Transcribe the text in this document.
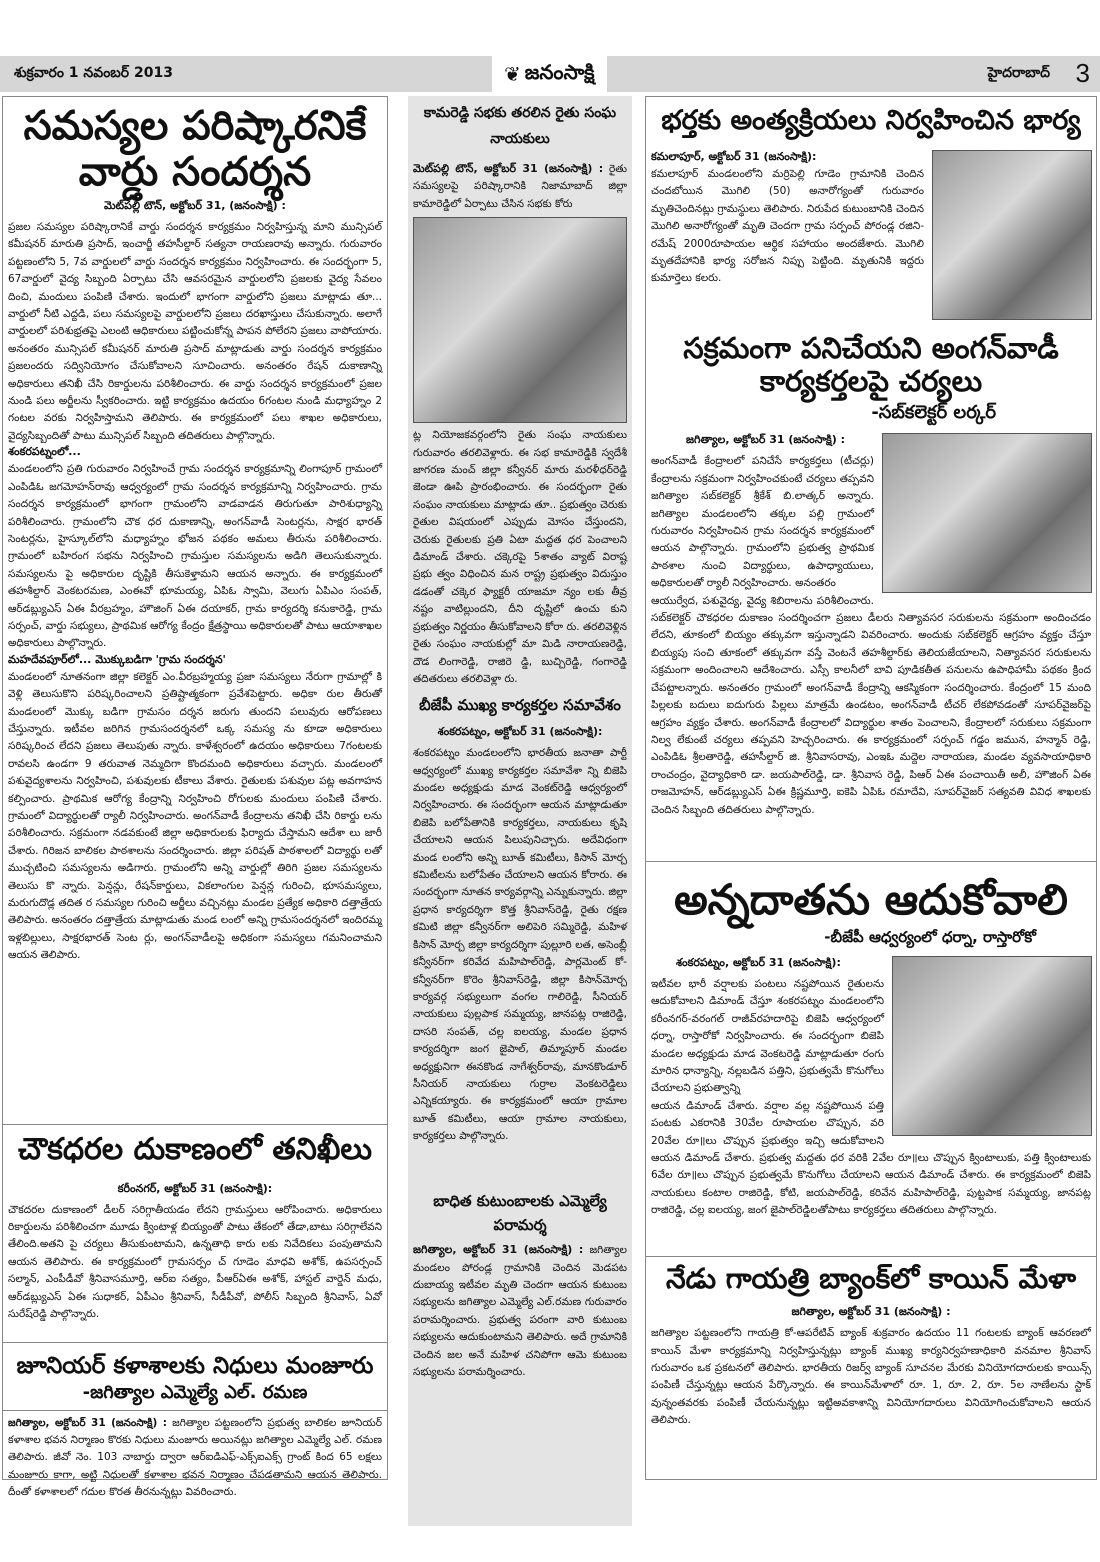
శుక్రవారం 1 నవంబర్ 2013	❦ జనంసాక్షి	హైదరాబాద్ 3
సమస్యల పరిష్కారనికే
వార్డు సందర్శన
మెట్‌పల్లి టౌన్, అక్టోబర్ 31, (జనంసాక్షి) :

ప్రజల సమస్యల పరిష్కారానికే వార్డు సందర్శన కార్యక్రమం నిర్వహిస్తున్న మాని మున్సిపల్ కమీషనర్ మారుతి ప్రసాద్, ఇంచార్జీ తహసీల్దార్ సత్యనా రాయణరావు అన్నారు. గురువారం పట్టణంలోని 5, 7వ వార్డులలో వార్డు సందర్శన కార్యక్రమం నిర్వహించారు. ఈ సందర్భంగా 5, 67వార్డులో వైద్య సిబ్బంది ఏర్పాటు చేసి ఆవసరమైన వార్డులలోని ప్రజలకు వైద్య సేవలం దించి, మందులు పంపిణి చేశారు. ఇందులో భాగంగా వార్డులోని ప్రజలు మాట్లాడు తూ... వార్డులో నీటి ఎద్దడి, పలు సమస్యలపై వార్డులలోని ప్రజలు దరఖాస్తులు చేసుకున్నారు. అలాగే వార్డులలో పరిశుభ్రతపై ఎలంటి ఆధికారులు పట్టించుకోన్న పాపన పోలేరని ప్రజలు వాపోయారు. అనంతరం మున్సిపల్ కమీషనర్ మారుతి ప్రసాద్ మాట్లాడుతు వార్డు సందర్శన కార్యక్రమం ప్రజలందరు సద్వినియోగం చేసుకోవాలని సూచించారు. అనంతరం రేషన్ దుకాణాన్ని అధికారులు తనిఖీ చేసి రికార్డులను పరిశీలించారు. ఈ వార్డు సందర్శన కార్యక్రమంలో ప్రజల నుండి పలు అర్జీలను స్వీకరించారు. ఇట్టి కార్యక్రమం ఉదయం 6గంటల నుండి మధ్యాహ్నం 2 గంటల వరకు నిర్వహిస్తామని తెలిపారు. ఈ కార్యక్రమంలో పలు శాఖల అధికారులు, వైద్యసిబ్బందితో పాటు మున్సిపల్ సిబ్బంది తదితరులు పాల్గొన్నారు.

శంకరపట్నంలో...

మండలంలోని ప్రతి గురువారం నిర్వహించే గ్రామ సందర్శన కార్యక్రమాన్ని లింగాపూర్ గ్రామంలో ఎంపిడిఓ జగమోహన్‌రావు ఆధ్వర్యంలో గ్రామ సందర్శన కార్యక్రమాన్ని నిర్వహించారు. గ్రామ సందర్శన కార్యక్రమంలో భాగంగా గ్రామంలోని వాడవాడన తిరుగుతూ పారిశుధ్యాన్ని పరిశీలించారు. గ్రామంలోని చౌక ధర దుకాణాన్ని, అంగన్‌వాడీ సెంటర్లను, సాక్షర భారత్ సెంటర్లను, హైస్కూల్‌లోని మధ్యాహ్నం భోజన పథకం అమలు తీరును పరిశీలించారు. గ్రామంలో బహిరంగ సభను నిర్వహించి గ్రామస్తుల సమస్యలను అడిగి తెలుసుకున్నారు. సమస్యలను పై అధికారుల దృష్టికి తీసుకెళ్తామని ఆయన అన్నారు. ఈ కార్యక్రమంలో తహశీల్దార్ వెంకటరమణ, ఎంఈవో భూమయ్య, ఏపిఓ స్వామి, వెలుగు ఏపిఎం సంపత్, ఆర్‌డబ్ల్యుఎస్ ఏఈ వీరబ్రహ్మం, హౌజింగ్ ఏఈ దయాకర్, గ్రామ కార్యదర్శి కనుకారెడ్డి, గ్రామ సర్పంచ్, వార్డు సభ్యులు, ప్రాథమిక ఆరోగ్య కేంద్రం క్షేత్రస్థాయి అధికారులతో పాటు ఆయాశాఖల అధికారులు పాల్గొన్నారు.

మహదేవపూర్‌లో... మొక్కుబడిగా 'గ్రామ సందర్శన'

మండలంలో నూతనంగా జిల్లా కలెక్టర్ ఎం.వీరబ్రహ్మయ్య ప్రజా సమస్యలు నేరుగా గ్రామాల్లో కి వెళ్లి తెలుసుకొని పరిష్కరించాలని ప్రతిష్టాత్మకంగా ప్రవేశపెట్టారు. అధికా రుల తీరుతో మండలంలో మొక్కు బడిగా గ్రామసం దర్శన జరుగు తుందని పలువురు ఆరోపణలు చేస్తున్నారు. ఇటీవల జరిగిన గ్రామసందర్శనలో ఒక్క సమస్య ను కూడా అధికారులు సరిష్కరించ లేదని ప్రజలు తెలుపుతు న్నారు. కాళేశ్వరంలో ఉదయం అధికారులు 7గంటలకు రావలసి ఉండగా 9 తరువాత నెమ్మదిగా కొందమంది అధికారులు వచ్చారు. మండలంలో పశువైద్యశాలను నిర్వహించి, పశువులకు టీకాలు వేశారు. రైతులకు పశువుల పట్ల అవగాహన కల్పించారు. ప్రాథమిక ఆరోగ్య కేంద్రాన్ని నిర్వహించి రోగులకు మందులు పంపిణి చేశారు. గ్రామంలో విద్యార్థులతో ర్యాలీ నిర్వహించారు. అంగన్‌వాడీ కేంద్రాలను తనిఖీ చేసి రికార్డు లను పరిశీలించారు. సక్రమంగా నడవకుంటే జిల్లా అధికారులకు ఫిర్యాదు చేస్తామని ఆదేశా లు జారీ చేశారు. గిరిజన బాలికల పాఠశాలను సందర్శించారు. జిల్లా పరిషత్ పాఠశాలలో విద్యార్థు లతో ముచ్చటించి సమస్యలను అడిగారు. గ్రామంలోని అన్ని వార్డుల్లో తిరిగి ప్రజల సమస్యలను తెలుసు కొ న్నారు. పెన్షన్లు, రేషన్‌కార్డులు, వికలాంగుల పెన్షన్ల గురించి, భూసమస్యలు, మరుగుదొడ్ల తదిత ర సమస్యల గురించి అర్జీలు వచ్చినట్లు మండల ప్రత్యేక అధికారి దత్తాత్రేయ తెలిపారు. అనంతరం దత్తాత్రేయ మాట్లాడుతు మండ లంలో అన్ని గ్రామసందర్శనలో ఇందిరమ్మ ఇళ్లబిల్లులు, సాక్షరభారత్ సెంట ర్లు, అంగన్‌వాడీలపై అధికంగా సమస్యలు గమనించామని ఆయన తెలిపారు.

చౌకధరల దుకాణంలో తనిఖీలు
కరీంనగర్, అక్టోబర్ 31 (జనంసాక్షి):

చౌకదరల దుకాణంలో డీలర్ సరిగ్గాతీయడం లేదని గ్రామస్తులు ఆరోపించారు. అధికారులు రికార్డులను పరిశీలించగా మూడు క్వింటాళ్ల బియ్యంతో పాటు తేకంలో తేడా,బాటు సరిగ్గాలేవని తేలింది.అతని పై చర్యలు తీసుకుంటామని, ఉన్నతాధి కారు లకు నివేదికలు పంపుతామని ఆయన తెలిపారు. ఈ కార్యక్రమంలో గ్రామసర్పం చ్ గూడెం మాధవి అశోక్, ఉపసర్పంచ్ సల్మాన్, ఎంపీడీవో శ్రీనివాసమూర్తి, ఆర్ఐ సత్యం, పీఆర్ఏఈ అశోక్, హాస్టల్ వార్డెన్ మధు, ఆర్‌డబ్ల్యుఎస్ ఏఈ సుధాకర్, ఏపీఎం శ్రీనివాస్, సీడీపీవో, పోలీస్ సిబ్బంది శ్రీనివాస్, ఏవో సురేష్‌రెడ్డి పాల్గొన్నారు.

జూనియర్ కళాశాలకు నిధులు మంజూరు
-జగిత్యాల ఎమ్మెల్యే ఎల్. రమణ

జగిత్యాల, అక్టోబర్ 31 (జనంసాక్షి) : జగిత్యాల పట్టణంలోని ప్రభుత్వ బాలికల జూనియర్ కళాశాల భవన నిర్మాణం కొరకు నిధులు మంజూరు అయినట్లు జగిత్యాల ఎమ్మెల్యే ఎల్. రమణ తెలిపారు. జీవో నెం. 103 నాబార్డు ద్వారా ఆర్ఐడిఎఫ్-ఎక్స్ఐఎక్స్ గ్రాంట్ కింద 65 లక్షలు మంజూరు కాగా, అట్టి నిధులతో కళాశాల భవన నిర్మాణం చేపడతామని ఆయన తెలిపారు. దీంతో కళాశాలలో గదుల కొరత తీరనున్నట్లు వివరించారు.

కామరెడ్డి సభకు తరలిన రైతు సంఘ నాయకులు

మెట్‌పల్లి టౌన్, అక్టోబర్ 31 (జనంసాక్షి) : రైతు సమస్యలపై పరిష్కారానికి నిజామాబాద్ జిల్లా కామారెడ్డిలో ఏర్పాటు చేసిన సభకు కోరు

ట్ల నియోజకవర్గంలోని రైతు సంఘ నాయకులు గురువారం తరలివెళ్లారు. ఈ సభ కామారెడ్డికి స్వదేశీ జాగరణ మంచ్ జిల్లా కన్వీనర్ మారు మరళీధర్‌రెడ్డి జెండా ఊపి ప్రారంభించారు. ఈ సందర్భంగా రైతు సంఘం నాయకులు మాట్లాడు తూ.. ప్రభుత్వం చెరుకు రైతుల విషయంలో ఎప్పుడు మోసం చేస్తుందని, చెరుకు రైతులకు ప్రతి ఏటా మద్దత ధర పెంచాలని డిమాండ్ చేశారు. చక్కెరపై 5శాతం వ్యాట్ విరాష్ట ప్రభు త్వం విధించిన మన రాష్ట్ర ప్రభుత్వం విదుస్తుం డడంతో చక్కెర ఫ్యాక్టరీ యాజమా న్యం లకు తీవ్ర నష్టం వాటిల్లుందని, దీని దృష్టిలో ఉంచు కుని ప్రభుత్వం నిర్ణయం తీసుకోవాలని కోరా రు. తరలివెళ్లిన రైతు సంఘం నాయకుల్లో మా మిడి నారాయణరెడ్డి, దౌడ లింగారెడ్డి, రాజిరె డ్డి, బుచ్చిరెడ్డి, గంగారెడ్డి తదితరులు తరలివెళ్లా రు.

బీజేపీ ముఖ్య కార్యకర్తల సమావేశం
శంకరపట్నం, అక్టోబర్ 31 (జనంసాక్షి):

శంకరపట్నం మండలంలోని భారతీయ జనాతా పార్టీ ఆధ్వర్యంలో ముఖ్య కార్యకర్తల సమావేశా న్ని బిజెపి మండల అధ్యక్షుడు మాడ వెంకట్‌రెడ్డి ఆధ్వర్యంలో నిర్వహించారు. ఈ సందర్భంగా ఆయన మాట్లాడుతూ బిజెపి బలోపేతానికి కార్యకర్తలు, నాయకులు కృషి చేయాలని ఆయన పిలుపునిచ్చారు. అదేవిధంగా మండ లంలోని అన్ని బూత్ కమిటీలు, కిసాన్ మోర్చ కమిటీలను బలోపేతం చేయాలని ఆయన కోరారు. ఈ సందర్భంగా నూతన కార్యవర్గాన్ని ఎన్నుకున్నారు. జిల్లా ప్రధాన కార్యదర్శిగా కొత్త శ్రీనివాస్‌రెడ్డి, రైతు రక్షణ కమిటి జిల్లా కన్వీనర్‌గా అలిపెరి సమ్మిరెడ్డి, మహిళ కిసాన్ మోర్చ జిల్లా కార్యదర్శిగా పుల్లూరి లత, అసెంబ్లీ కన్వీనర్‌గా కరివేద మహిపాల్‌రెడ్డి, పార్లమెంట్ కో-కన్వీనర్‌గా కొరెం శ్రీనివాస్‌రెడ్డి, జిల్లా కిసాన్‌మోర్చ కార్యవర్గ సభ్యులుగా వంగల గాలిరెడ్డి, సీనియర్ నాయకులు పుల్లపాక సమ్మయ్య, జానపట్ల రాజిరెడ్డి, దాసరి సంపత్, చల్ల ఐలయ్య, మండల ప్రధాన కార్యదర్శిగా జంగ జైపాల్, తిమ్మాపూర్ మండల అధ్యక్షునిగా ఈనకొండ నాగేశ్వర్‌రావు, మానకొండూర్ సీనియర్ నాయకులు గుర్రాల వెంకటరెడ్డిలు ఎన్నికయ్యారు. ఈ కార్యక్రమంలో ఆయా గ్రామాల బూత్ కమిటీలు, ఆయా గ్రామాల నాయకులు, కార్యకర్తలు పాల్గొన్నారు.

బాధిత కుటుంబాలకు ఎమ్మెల్యే పరామర్శ

జగిత్యాల, అక్టోబర్ 31 (జనంసాక్షి) : జగిత్యాల మండలం పోరండ్ల గ్రామానికి చెందిన మెడపట దుబాయ్య ఇటీవల మృతి చెందగా ఆయన కుటుంబ సభ్యులను జగిత్యాల ఎమ్మెల్యే ఎల్.రమణ గురువారం పరామర్శించారు. ప్రభుత్వ పరంగా వారి కుటుంబ సభ్యులను ఆదుకుంటామని తెలిపారు. అదే గ్రామానికి చెందిన జల అనే మహిళ చనిపోగా ఆమె కుటుంబ సభ్యులను పరామర్శించారు.

భర్తకు అంత్యక్రియలు నిర్వహించిన భార్య
కమలాపూర్, అక్టోబర్ 31 (జనంసాక్షి):

కమలాపూర్ మండలంలోని మర్రిపెల్లి గూడెం గ్రామానికి చెందిన చందబోయిన మొగిలి (50) అనారోగ్యంతో గురువారం మృతిచెందినట్లు గ్రామస్థులు తెలిపారు. నిరుపేద కుటుంబానికి చెందిన మొగిలి అనారోగ్యంతో మృతి చెందగా గ్రామ సర్పంచ్ పోరండ్ల రజిని-రమేష్ 2000రూపాయల ఆర్థిక సహాయం అందజేశారు. మొగిలి మృతదేహానికి భార్య సరోజన నిప్పు పెట్టింది. మృతునికి ఇద్దరు కుమార్తెలు కలరు.

సక్రమంగా పనిచేయని అంగన్‌వాడీ
కార్యకర్తలపై చర్యలు
-సబ్‌కలెక్టర్ లర్కర్
జగిత్యాల, అక్టోబర్ 31 (జనంసాక్షి) :

అంగన్‌వాడీ కేంద్రాలలో పనిచేసే కార్యకర్తలు (టీచర్లు) కేంద్రాలను సక్రమంగా నిర్వహించకుంటే చర్యలు తప్పవని జగిత్యాల సబ్‌కలెక్టర్ శ్రీకేశ్ బి.లాత్కర్ అన్నారు. జగిత్యాల మండలంలోని తక్కల పల్లి గ్రామంలో గురువారం నిర్వహించిన గ్రామ సందర్శన కార్యక్రమంలో ఆయన పాల్గొన్నారు. గ్రామంలోని ప్రభుత్వ ప్రాథమిక పాఠశాల నుంచి విద్యార్థులు, ఉపాధ్యాయులు, అధికారులతో ర్యాలీ నిర్వహించారు. అనంతరం

ఆయుర్వేద, పశువైద్య, వైద్య శిబిరాలను పరిశీలించారు. సబ్‌కలెక్టర్ చౌకధరల దుకాణం సందర్శించగా ప్రజలు డీలరు నిత్యావసర సరుకులను సక్రమంగా అందించడం లేదని, తూకంలో బియ్యం తక్కువగా ఇస్తున్నాడని వివరించారు. అందుకు సబ్‌కలెక్టర్ ఆగ్రహం వ్యక్తం చేస్తూ బియ్యపు సంచి తూకంలో తక్కువగా వస్తే వెంటనే తహశీల్దార్‌కు తెలియజేయాలని, నిత్యావసర సరుకులను సక్రమంగా అందించాలని ఆదేశించారు. ఎస్సీ కాలనీలో బావి పూడికతీత పనులను ఉపాధిహామీ పథకం క్రింద చేపట్టాలన్నారు. అనంతరం గ్రామంలో అంగన్‌వాడీ కేంద్రాన్ని ఆకస్మికంగా సందర్శించారు. కేంద్రంలో 15 మంది పిల్లలకు బదులు ఐదుగురు పిల్లలు మాత్రమే ఉండటం, అంగన్‌వాడీ టీచర్ లేకపోవడంతో సూపర్‌వైజర్‌పై ఆగ్రహం వ్యక్తం చేశారు. అంగన్‌వాడీ కేంద్రాలలో విద్యార్థుల శాతం పెంచాలని, కేంద్రాలలో సరుకులు సక్రమంగా నిల్వ లేకుంటే చర్యలు తప్పవని హెచ్చరించారు. ఈ కార్యక్రమంలో సర్పంచ్ గడ్డం జమున, హన్మాన్ రెడ్డి, ఎంపిడిఓ శ్రీలతారెడ్డి, తహసీల్దార్ జి. శ్రీనివాసరావు, ఎంఇఓ మద్దెల నారాయణ, మండల వ్యవసాయాధికారి రాంచంద్రం, వైద్యాధికారి డా. జయపాల్‌రెడ్డి, డా. శ్రీనివాస రెడ్డి, పిఆర్ ఏఈ పంచాయితీ అలీ, హౌజింగ్ ఏఈ రాజమోహన్, ఆర్‌డబ్ల్యుఎస్ ఏఈ క్రిష్ణమూర్తి, ఐకెపి ఏపిఓ రమాదేవి, సూపర్‌వైజర్ సత్యవతి వివిధ శాఖలకు చెందిన సిబ్బంది తదితరులు పాల్గొన్నారు.

అన్నదాతను ఆదుకోవాలి
-బీజేపీ ఆధ్వర్యంలో ధర్నా, రాస్తారోకో
శంకరపట్నం, అక్టోబర్ 31 (జనంసాక్షి):

ఇటీవల భారీ వర్షాలకు పంటలు నష్టపోయిన రైతులను ఆదుకోవాలని డిమాండ్ చేస్తూ శంకరపట్నం మండలంలోని కరీంనగర్-వరంగల్ రాజీవ్‌రహదారిపై బిజెపి ఆధ్వర్యంలో ధర్నా, రాస్తారోకో నిర్వహించారు. ఈ సందర్భంగా బిజెపి మండల అధ్యక్షుడు మాడ వెంకటరెడ్డి మాట్లాడుతూ రంగు మారిన ధాన్యాన్ని, నల్లబడిన పత్తిని, ప్రభుత్వమే కొనుగోలు చేయాలని ప్రభుత్వాన్ని

ఆయన డిమాండ్ చేశారు. వర్షాల వల్ల నష్టపోయిన పత్తి పంటకు ఎకరానికి 30వేల రూపాయల చొప్పున, వరి 20వేల రూ॥లు చొప్పున ప్రభుత్వం ఇచ్చి ఆదుకోవాలని ఆయన డిమాండ్ చేశారు. ప్రభుత్వ మద్దతు ధర వరికి 2వేల రూ॥లు చొప్పున క్వింటాలుకు, పత్తి క్వింటాలుకు 6వేల రూ॥లు చొప్పున ప్రభుత్వమే కొనుగోలు చేయాలని ఆయన డిమాండ్ చేశారు. ఈ కార్యక్రమంలో బిజెపి నాయకులు కంటాల రాజిరెడ్డి, కోటి, జయపాల్‌రెడ్డి, కరివేన మహిపాల్‌రెడ్డి, పుట్టపాక సమ్మయ్య, జానపట్ల రాజిరెడ్డి, చల్ల ఐలయ్య, జంగ జైపాల్‌రెడ్డిలతోపాటు కార్యకర్తలు తదితరులు పాల్గొన్నారు.

నేడు గాయత్రి బ్యాంక్‌లో కాయిన్ మేళా
జగిత్యాల, అక్టోబర్ 31 (జనంసాక్షి) :

జగిత్యాల పట్టణంలోని గాయత్రి కో-ఆపరేటివ్ బ్యాంక్ శుక్రవారం ఉదయం 11 గంటలకు బ్యాంక్ ఆవరణలో కాయిన్ మేళా కార్యక్రమాన్ని నిర్వహిస్తున్నట్లు బ్యాంక్ ముఖ్య కార్యనిర్వహణాధికారి వనమాల శ్రీనివాస్ గురువారం ఒక ప్రకటనలో తెలిపారు. భారతీయ రిజర్వ్ బ్యాంక్ సూచనల మేరకు వినియోగదారులకు కాయిన్స్ పంపిణీ చేస్తున్నట్లు ఆయన పేర్కొన్నారు. ఈ కాయిన్‌మేళాలో రూ. 1, రూ. 2, రూ. 5ల నాణేలను స్టాక్ వున్నంతవరకు పంపిణీ చేయనున్నట్లు ఇట్టిఅవకాశాన్ని వినియోగదారులు వినియోగించుకోవాలని ఆయన తెలిపారు.
